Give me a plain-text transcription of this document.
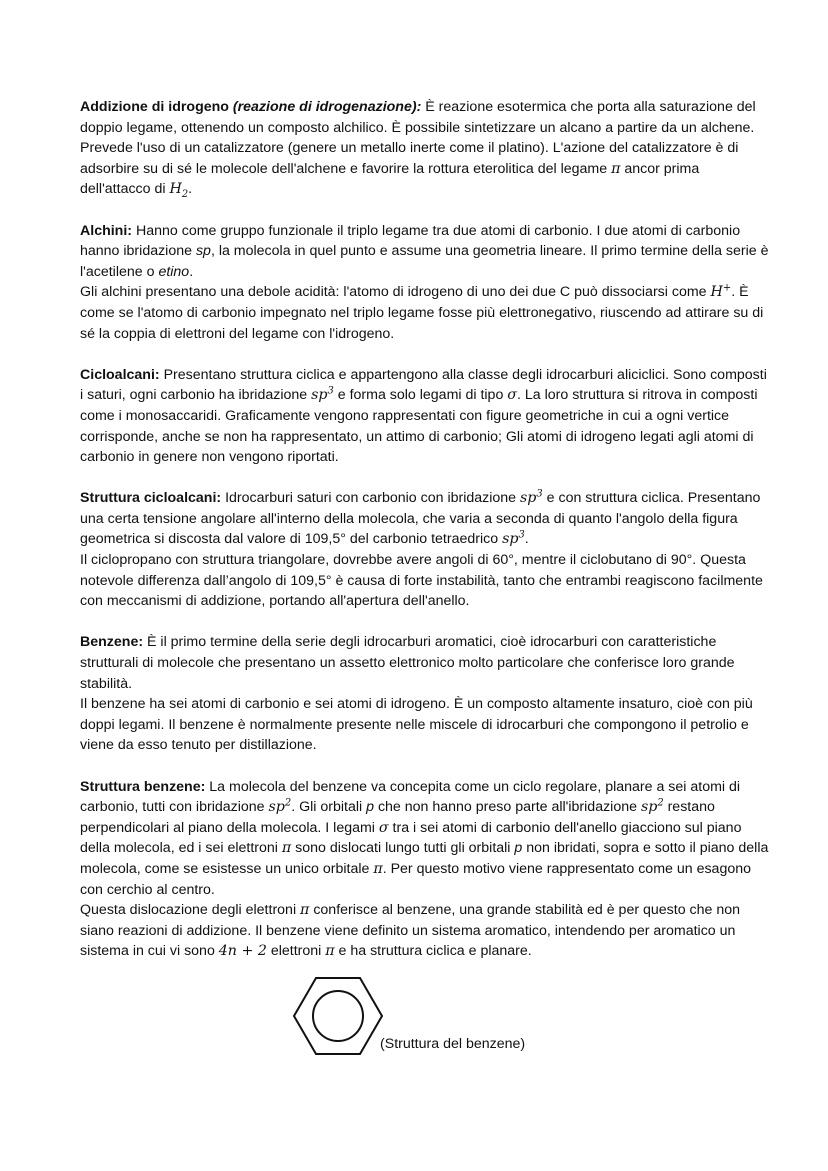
Addizione di idrogeno (reazione di idrogenazione): È reazione esotermica che porta alla saturazione del doppio legame, ottenendo un composto alchilico. È possibile sintetizzare un alcano a partire da un alchene. Prevede l'uso di un catalizzatore (genere un metallo inerte come il platino). L'azione del catalizzatore è di adsorbire su di sé le molecole dell'alchene e favorire la rottura eterolitica del legame π ancor prima dell'attacco di $H_2$.

Alchini: Hanno come gruppo funzionale il triplo legame tra due atomi di carbonio. I due atomi di carbonio hanno ibridazione sp, la molecola in quel punto e assume una geometria lineare. Il primo termine della serie è l'acetilene o etino.

Gli alchini presentano una debole acidità: l'atomo di idrogeno di uno dei due C può dissociarsi come H+. È come se l'atomo di carbonio impegnato nel triplo legame fosse più elettronegativo, riuscendo ad attirare su di sé la coppia di elettroni del legame con l'idrogeno.

Cicloalcani: Presentano struttura ciclica e appartengono alla classe degli idrocarburi aliciclici. Sono composti i saturi, ogni carbonio ha ibridazione $sp^3$ e forma solo legami di tipo σ. La loro struttura si ritrova in composti come i monosaccaridi. Graficamente vengono rappresentati con figure geometriche in cui a ogni vertice corrisponde, anche se non ha rappresentato, un attimo di carbonio; Gli atomi di idrogeno legati agli atomi di carbonio in genere non vengono riportati.

Struttura cicloalcani: Idrocarburi saturi con carbonio con ibridazione $sp^3$ e con struttura ciclica. Presentano una certa tensione angolare all'interno della molecola, che varia a seconda di quanto l'angolo della figura geometrica si discosta dal valore di 109,5° del carbonio tetraedrico $sp^3$.

Il ciclopropano con struttura triangolare, dovrebbe avere angoli di 60°, mentre il ciclobutano di 90°. Questa notevole differenza dall’angolo di 109,5° è causa di forte instabilità, tanto che entrambi reagiscono facilmente con meccanismi di addizione, portando all'apertura dell'anello.

Benzene: È il primo termine della serie degli idrocarburi aromatici, cioè idrocarburi con caratteristiche strutturali di molecole che presentano un assetto elettronico molto particolare che conferisce loro grande stabilità.

Il benzene ha sei atomi di carbonio e sei atomi di idrogeno. È un composto altamente insaturo, cioè con più doppi legami. Il benzene è normalmente presente nelle miscele di idrocarburi che compongono il petrolio e viene da esso tenuto per distillazione.

Struttura benzene: La molecola del benzene va concepita come un ciclo regolare, planare a sei atomi di carbonio, tutti con ibridazione $sp^2$. Gli orbitali p che non hanno preso parte all'ibridazione $sp^2$ restano perpendicolari al piano della molecola. I legami σ tra i sei atomi di carbonio dell'anello giacciono sul piano della molecola, ed i sei elettroni π sono dislocati lungo tutti gli orbitali p non ibridati, sopra e sotto il piano della molecola, come se esistesse un unico orbitale π. Per questo motivo viene rappresentato come un esagono con cerchio al centro.

Questa dislocazione degli elettroni π conferisce al benzene, una grande stabilità ed è per questo che non siano reazioni di addizione. Il benzene viene definito un sistema aromatico, intendendo per aromatico un sistema in cui vi sono 4n + 2 elettroni π e ha struttura ciclica e planare.

(Struttura del benzene)
